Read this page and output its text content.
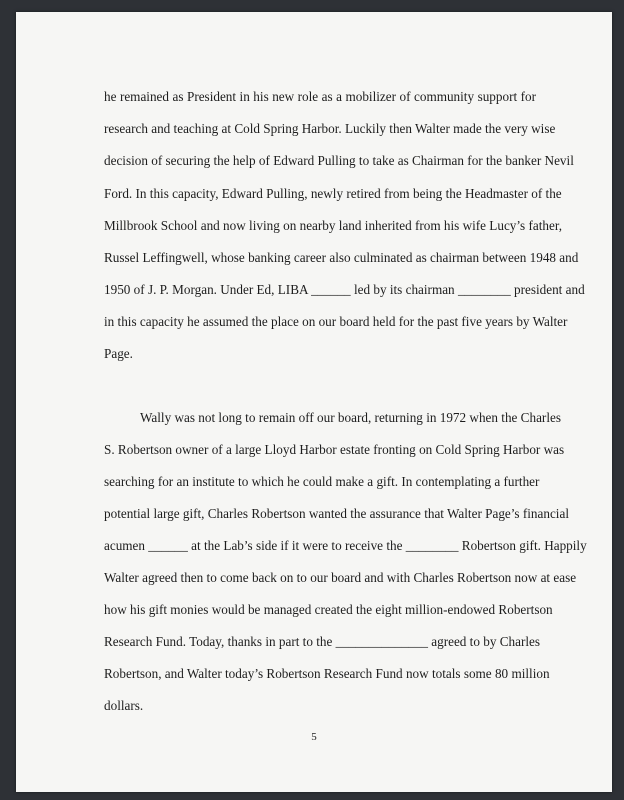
he remained as President in his new role as a mobilizer of community support for
research and teaching at Cold Spring Harbor. Luckily then Walter made the very wise
decision of securing the help of Edward Pulling to take as Chairman for the banker Nevil
Ford. In this capacity, Edward Pulling, newly retired from being the Headmaster of the
Millbrook School and now living on nearby land inherited from his wife Lucy’s father,
Russel Leffingwell, whose banking career also culminated as chairman between 1948 and
1950 of J. P. Morgan. Under Ed, LIBA ______ led by its chairman ________ president and
in this capacity he assumed the place on our board held for the past five years by Walter
Page.
Wally was not long to remain off our board, returning in 1972 when the Charles
S. Robertson owner of a large Lloyd Harbor estate fronting on Cold Spring Harbor was
searching for an institute to which he could make a gift. In contemplating a further
potential large gift, Charles Robertson wanted the assurance that Walter Page’s financial
acumen ______ at the Lab’s side if it were to receive the ________ Robertson gift. Happily
Walter agreed then to come back on to our board and with Charles Robertson now at ease
how his gift monies would be managed created the eight million-endowed Robertson
Research Fund. Today, thanks in part to the ______________ agreed to by Charles
Robertson, and Walter today’s Robertson Research Fund now totals some 80 million
dollars.
5
